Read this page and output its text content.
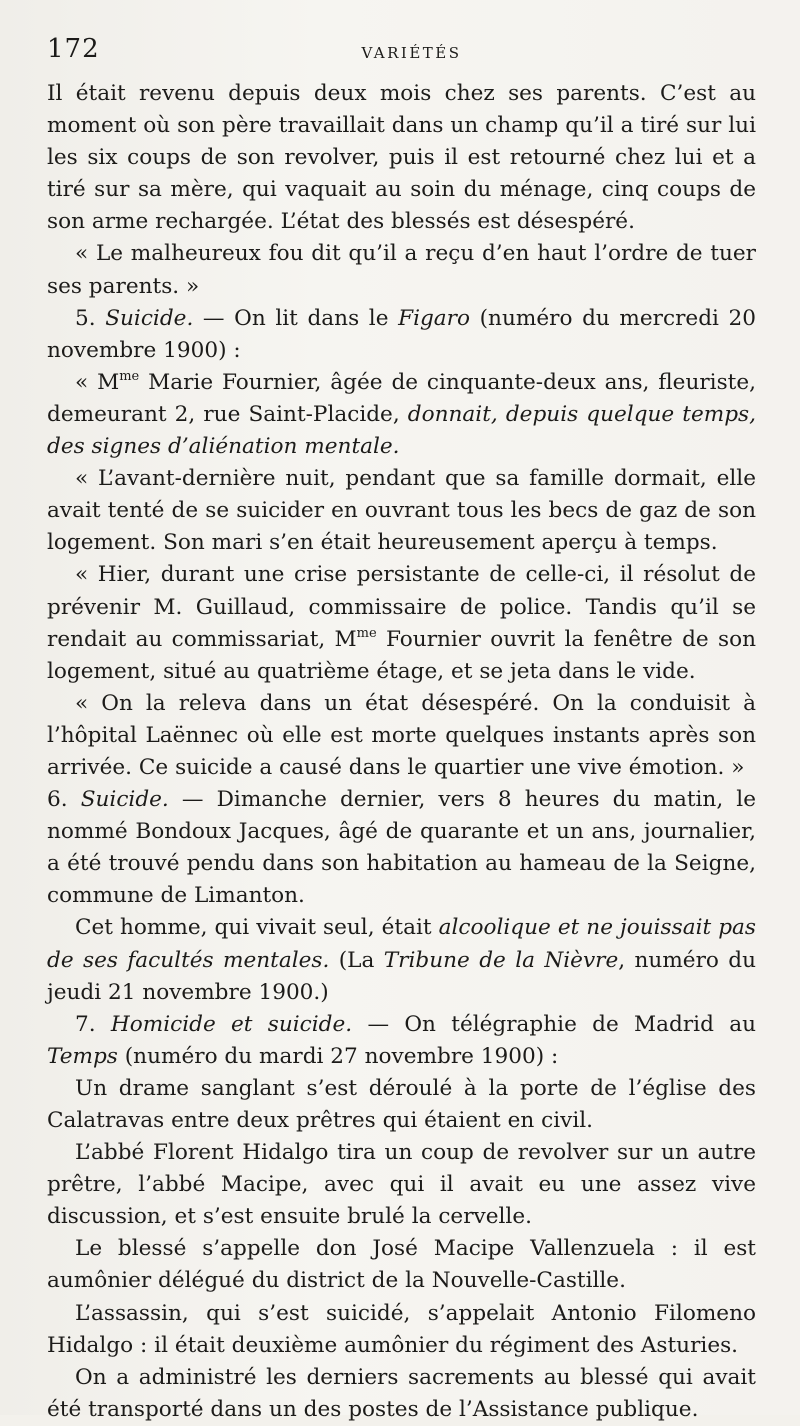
172	VARIÉTÉS

Il était revenu depuis deux mois chez ses parents. C’est au moment où son père travaillait dans un champ qu’il a tiré sur lui les six coups de son revolver, puis il est retourné chez lui et a tiré sur sa mère, qui vaquait au soin du ménage, cinq coups de son arme rechargée. L’état des blessés est désespéré.

« Le malheureux fou dit qu’il a reçu d’en haut l’ordre de tuer ses parents. »

5. Suicide. — On lit dans le Figaro (numéro du mercredi 20 novembre 1900) :

« $M^{me}$ Marie Fournier, âgée de cinquante-deux ans, fleuriste, demeurant 2, rue Saint-Placide, donnait, depuis quelque temps, des signes d’aliénation mentale.

« L’avant-dernière nuit, pendant que sa famille dormait, elle avait tenté de se suicider en ouvrant tous les becs de gaz de son logement. Son mari s’en était heureusement aperçu à temps.

« Hier, durant une crise persistante de celle-ci, il résolut de prévenir M. Guillaud, commissaire de police. Tandis qu’il se rendait au commissariat, $M^{me}$ Fournier ouvrit la fenêtre de son logement, situé au quatrième étage, et se jeta dans le vide.

« On la releva dans un état désespéré. On la conduisit à l’hôpital Laënnec où elle est morte quelques instants après son arrivée. Ce suicide a causé dans le quartier une vive émotion. »

6. Suicide. — Dimanche dernier, vers 8 heures du matin, le nommé Bondoux Jacques, âgé de quarante et un ans, journalier, a été trouvé pendu dans son habitation au hameau de la Seigne, commune de Limanton.

Cet homme, qui vivait seul, était alcoolique et ne jouissait pas de ses facultés mentales. (La Tribune de la Nièvre, numéro du jeudi 21 novembre 1900.)

7. Homicide et suicide. — On télégraphie de Madrid au Temps (numéro du mardi 27 novembre 1900) :

Un drame sanglant s’est déroulé à la porte de l’église des Calatravas entre deux prêtres qui étaient en civil.

L’abbé Florent Hidalgo tira un coup de revolver sur un autre prêtre, l’abbé Macipe, avec qui il avait eu une assez vive discussion, et s’est ensuite brulé la cervelle.

Le blessé s’appelle don José Macipe Vallenzuela : il est aumônier délégué du district de la Nouvelle-Castille.

L’assassin, qui s’est suicidé, s’appelait Antonio Filomeno Hidalgo : il était deuxième aumônier du régiment des Asturies.

On a administré les derniers sacrements au blessé qui avait été transporté dans un des postes de l’Assistance publique.
